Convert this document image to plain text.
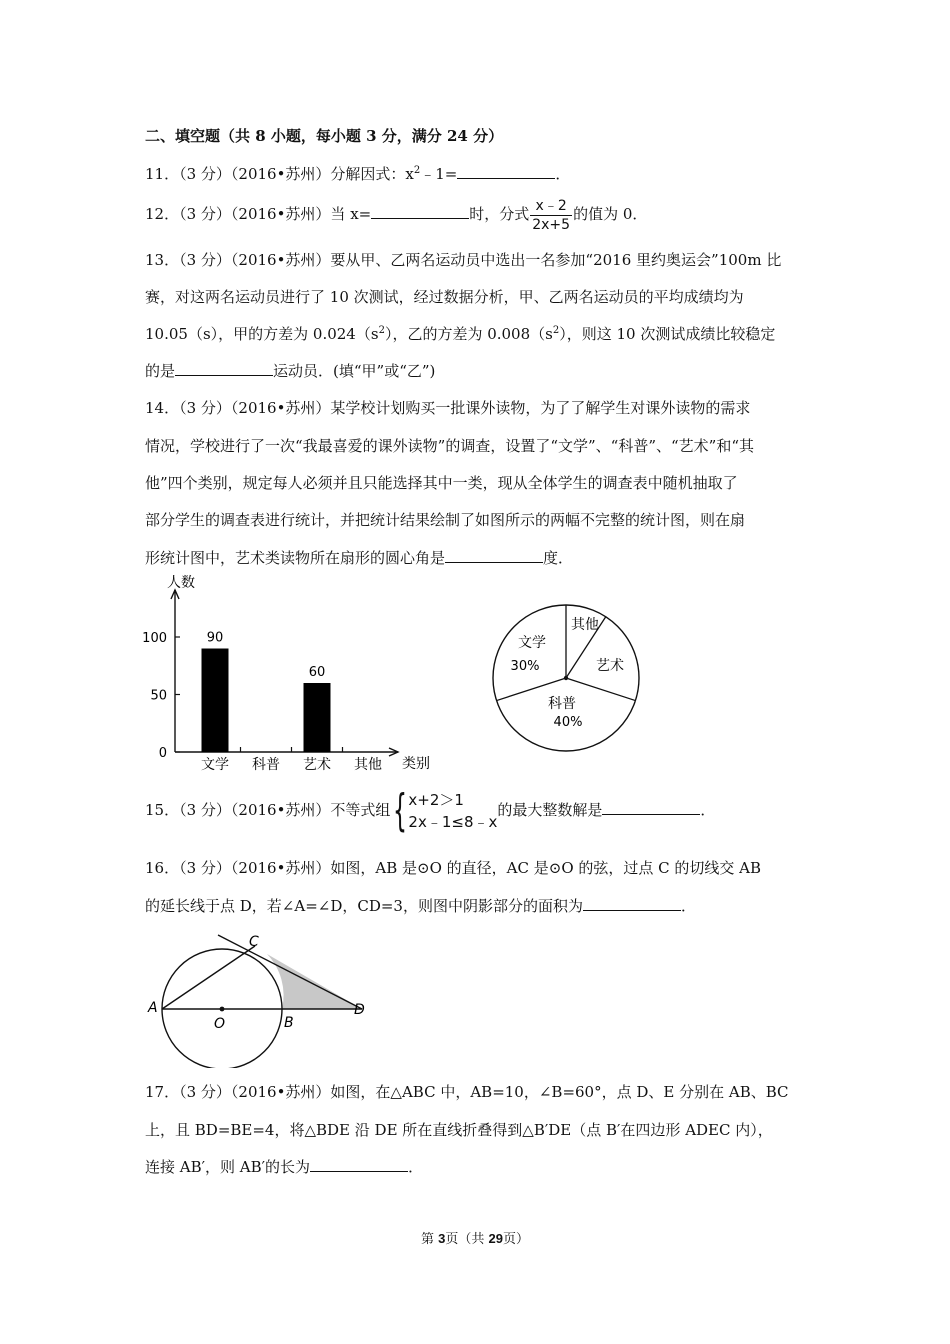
二、填空题（共 8 小题，每小题 3 分，满分 24 分）
11．（3 分）（2016•苏州）分解因式：$x^2﹣1=$	．
12．（3 分）（2016•苏州）当 x=	时，分式 $\frac{x﹣2}{2x+5}$ 的值为 0．
13．（3 分）（2016•苏州）要从甲、乙两名运动员中选出一名参加“2016 里约奥运会”100m 比
赛，对这两名运动员进行了 10 次测试，经过数据分析，甲、乙两名运动员的平均成绩均为
10.05（s），甲的方差为 $0.024(s^2)$，乙的方差为 $0.008(s^2)$，则这 10 次测试成绩比较稳定
的是	运动员．(填“甲”或“乙”)
14．（3 分）（2016•苏州）某学校计划购买一批课外读物，为了了解学生对课外读物的需求
情况，学校进行了一次“我最喜爱的课外读物”的调查，设置了“文学”、“科普”、“艺术”和“其
他”四个类别，规定每人必须并且只能选择其中一类，现从全体学生的调查表中随机抽取了
部分学生的调查表进行统计，并把统计结果绘制了如图所示的两幅不完整的统计图，则在扇
形统计图中，艺术类读物所在扇形的圆心角是	度．
人数
类别
0
50
100	90
文学 科普
60
艺术 其他
文学
30%
科普
40%
艺术
其他
15．（3 分）（2016•苏州）不等式组{ x+2＞1
2x﹣1≤8﹣x
的最大整数解是	．
16．（3 分）（2016•苏州）如图，AB 是⊙O 的直径，AC 是⊙O 的弦，过点 C 的切线交 AB
的延长线于点 D，若∠A=∠D，CD=3，则图中阴影部分的面积为	．
A
O	B
C
D
17．（3 分）（2016•苏州）如图，在△ABC 中，AB=10，∠B=60°，点 D、E 分别在 AB、BC
上，且 BD=BE=4，将△BDE 沿 DE 所在直线折叠得到△B′DE（点 B′在四边形 ADEC 内），
连接 AB′，则 AB′的长为	．
第 3页（共 29页）
